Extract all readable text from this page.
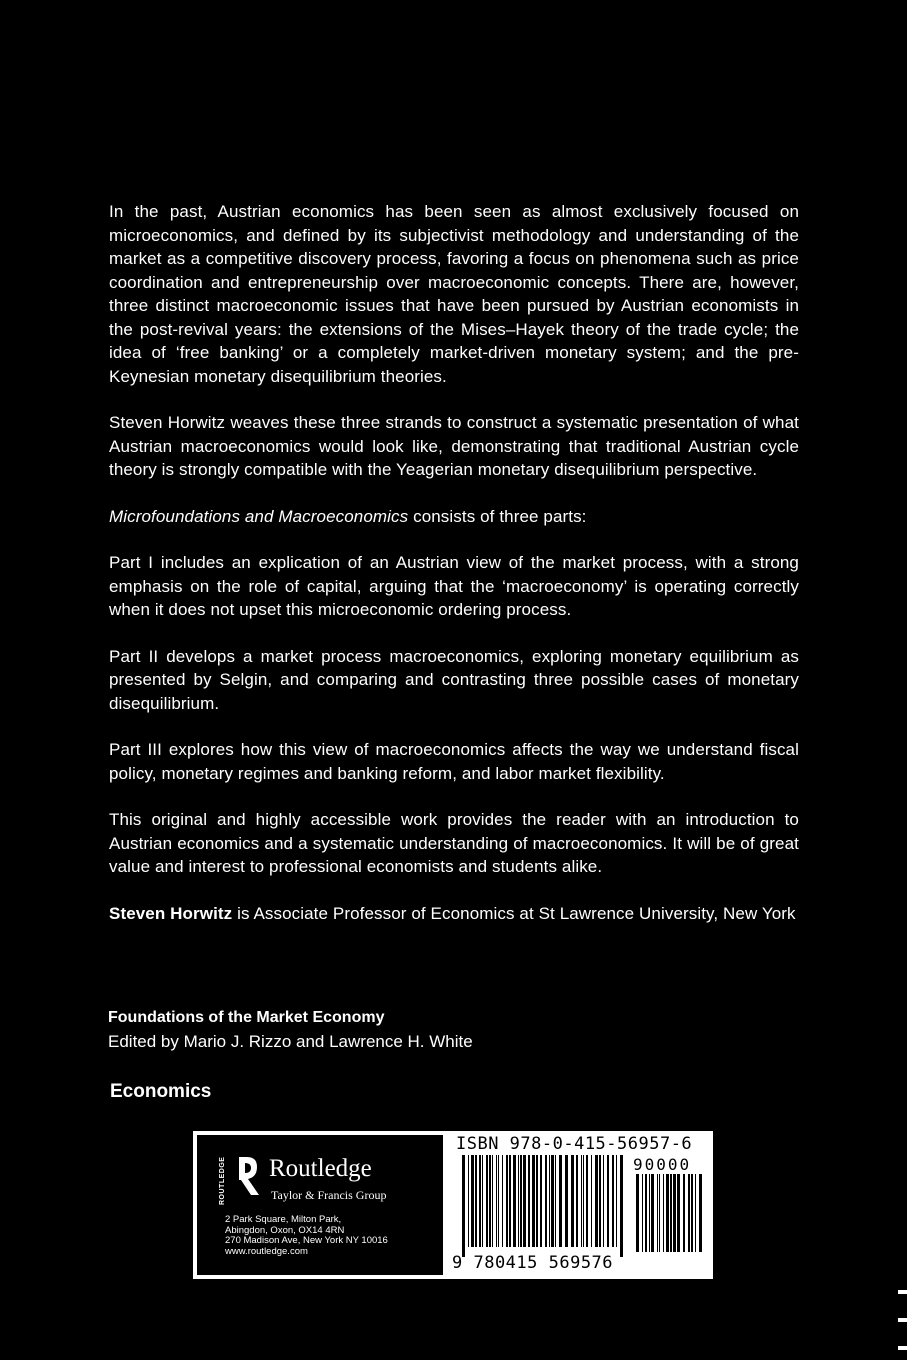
In the past, Austrian economics has been seen as almost exclusively focused on microeconomics, and defined by its subjectivist methodology and understanding of the market as a competitive discovery process, favoring a focus on phenomena such as price coordination and entrepreneurship over macroeconomic concepts. There are, however, three distinct macroeconomic issues that have been pursued by Austrian economists in the post-revival years: the extensions of the Mises–Hayek theory of the trade cycle; the idea of ‘free banking’ or a completely market-driven monetary system; and the pre-Keynesian monetary disequilibrium theories.

Steven Horwitz weaves these three strands to construct a systematic presentation of what Austrian macroeconomics would look like, demonstrating that traditional Austrian cycle theory is strongly compatible with the Yeagerian monetary disequilibrium perspective.

Microfoundations and Macroeconomics consists of three parts:

Part I includes an explication of an Austrian view of the market process, with a strong emphasis on the role of capital, arguing that the ‘macroeconomy’ is operating correctly when it does not upset this microeconomic ordering process.

Part II develops a market process macroeconomics, exploring monetary equilibrium as presented by Selgin, and comparing and contrasting three possible cases of monetary disequilibrium.

Part III explores how this view of macroeconomics affects the way we understand fiscal policy, monetary regimes and banking reform, and labor market flexibility.

This original and highly accessible work provides the reader with an introduction to Austrian economics and a systematic understanding of macroeconomics. It will be of great value and interest to professional economists and students alike.

Steven Horwitz is Associate Professor of Economics at St Lawrence University, New York

Foundations of the Market Economy
Edited by Mario J. Rizzo and Lawrence H. White
Economics
ROUTLEDGE Routledge
Taylor & Francis Group
2 Park Square, Milton Park,
Abingdon, Oxon, OX14 4RN
270 Madison Ave, New York NY 10016
www.routledge.com
ISBN 978-0-415-56957-6
90000
9 780415 569576
